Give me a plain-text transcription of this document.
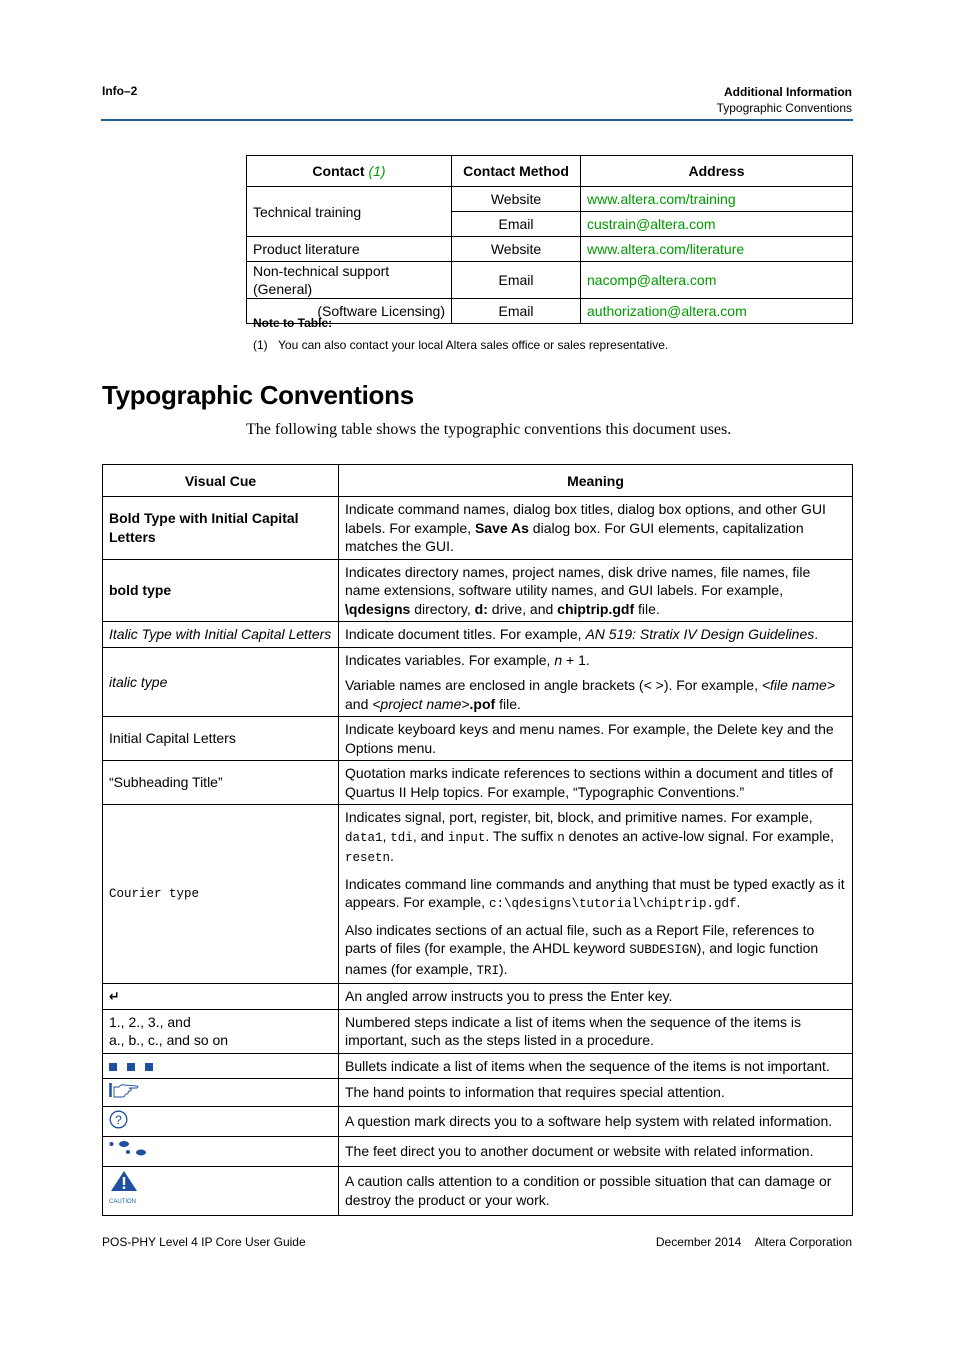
Info–2	Additional Information
Typographic Conventions
Contact (1)	Contact Method	Address
Technical training	Website	www.altera.com/training
	Email	custrain@altera.com
Product literature	Website	www.altera.com/literature
Non-technical support (General)	Email	nacomp@altera.com
(Software Licensing)	Email	authorization@altera.com
Note to Table:
(1) You can also contact your local Altera sales office or sales representative.
Typographic Conventions

The following table shows the typographic conventions this document uses.

Visual Cue	Meaning
Bold Type with Initial Capital Letters	Indicate command names, dialog box titles, dialog box options, and other GUI labels. For example, Save As dialog box. For GUI elements, capitalization matches the GUI.
bold type	Indicates directory names, project names, disk drive names, file names, file name extensions, software utility names, and GUI labels. For example, \qdesigns directory, d: drive, and chiptrip.gdf file.
Italic Type with Initial Capital Letters	Indicate document titles. For example, AN 519: Stratix IV Design Guidelines.
italic type	Indicates variables. For example, n + 1.

Variable names are enclosed in angle brackets (< >). For example, <file name> and <project name>.pof file.

Initial Capital Letters	Indicate keyboard keys and menu names. For example, the Delete key and the Options menu.
“Subheading Title”	Quotation marks indicate references to sections within a document and titles of Quartus II Help topics. For example, “Typographic Conventions.”
Courier type	Indicates signal, port, register, bit, block, and primitive names. For example, data1, tdi, and input. The suffix n denotes an active-low signal. For example, resetn.

Indicates command line commands and anything that must be typed exactly as it appears. For example, c:\qdesigns\tutorial\chiptrip.gdf.

Also indicates sections of an actual file, such as a Report File, references to parts of files (for example, the AHDL keyword SUBDESIGN), and logic function names (for example, TRI).

↵	An angled arrow instructs you to press the Enter key.

1., 2., 3., and
a., b., c., and so on	Numbered steps indicate a list of items when the sequence of the items is important, such as the steps listed in a procedure.
	Bullets indicate a list of items when the sequence of the items is not important.
	The hand points to information that requires special attention.

?	A question mark directs you to a software help system with related information.
	The feet direct you to another document or website with related information.

CAUTION	A caution calls attention to a condition or possible situation that can damage or destroy the product or your work.
POS-PHY Level 4 IP Core User Guide	December 2014 Altera Corporation
